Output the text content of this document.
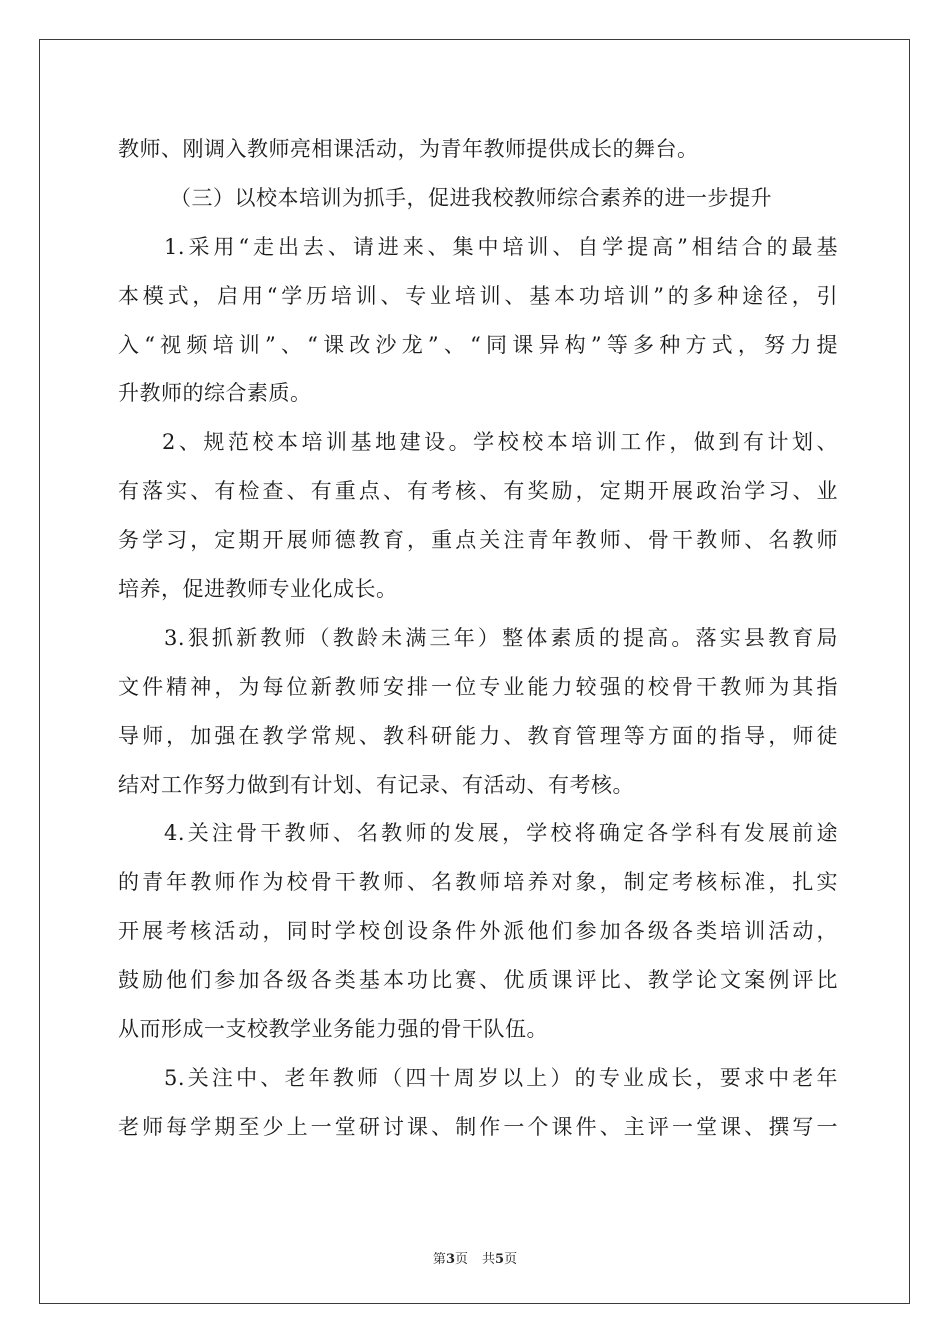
教师、刚调入教师亮相课活动，为青年教师提供成长的舞台。
（三）以校本培训为抓手，促进我校教师综合素养的进一步提升
1.采用“走出去、请进来、集中培训、自学提高”相结合的最基
本模式，启用“学历培训、专业培训、基本功培训”的多种途径，引
入“视频培训”、“课改沙龙”、“同课异构”等多种方式，努力提
升教师的综合素质。
2、规范校本培训基地建设。学校校本培训工作，做到有计划、
有落实、有检查、有重点、有考核、有奖励，定期开展政治学习、业
务学习，定期开展师德教育，重点关注青年教师、骨干教师、名教师
培养，促进教师专业化成长。
3.狠抓新教师（教龄未满三年）整体素质的提高。落实县教育局
文件精神，为每位新教师安排一位专业能力较强的校骨干教师为其指
导师，加强在教学常规、教科研能力、教育管理等方面的指导，师徒
结对工作努力做到有计划、有记录、有活动、有考核。
4.关注骨干教师、名教师的发展，学校将确定各学科有发展前途
的青年教师作为校骨干教师、名教师培养对象，制定考核标准，扎实
开展考核活动，同时学校创设条件外派他们参加各级各类培训活动，
鼓励他们参加各级各类基本功比赛、优质课评比、教学论文案例评比
从而形成一支校教学业务能力强的骨干队伍。
5.关注中、老年教师（四十周岁以上）的专业成长，要求中老年
老师每学期至少上一堂研讨课、制作一个课件、主评一堂课、撰写一
第3页 共5页
